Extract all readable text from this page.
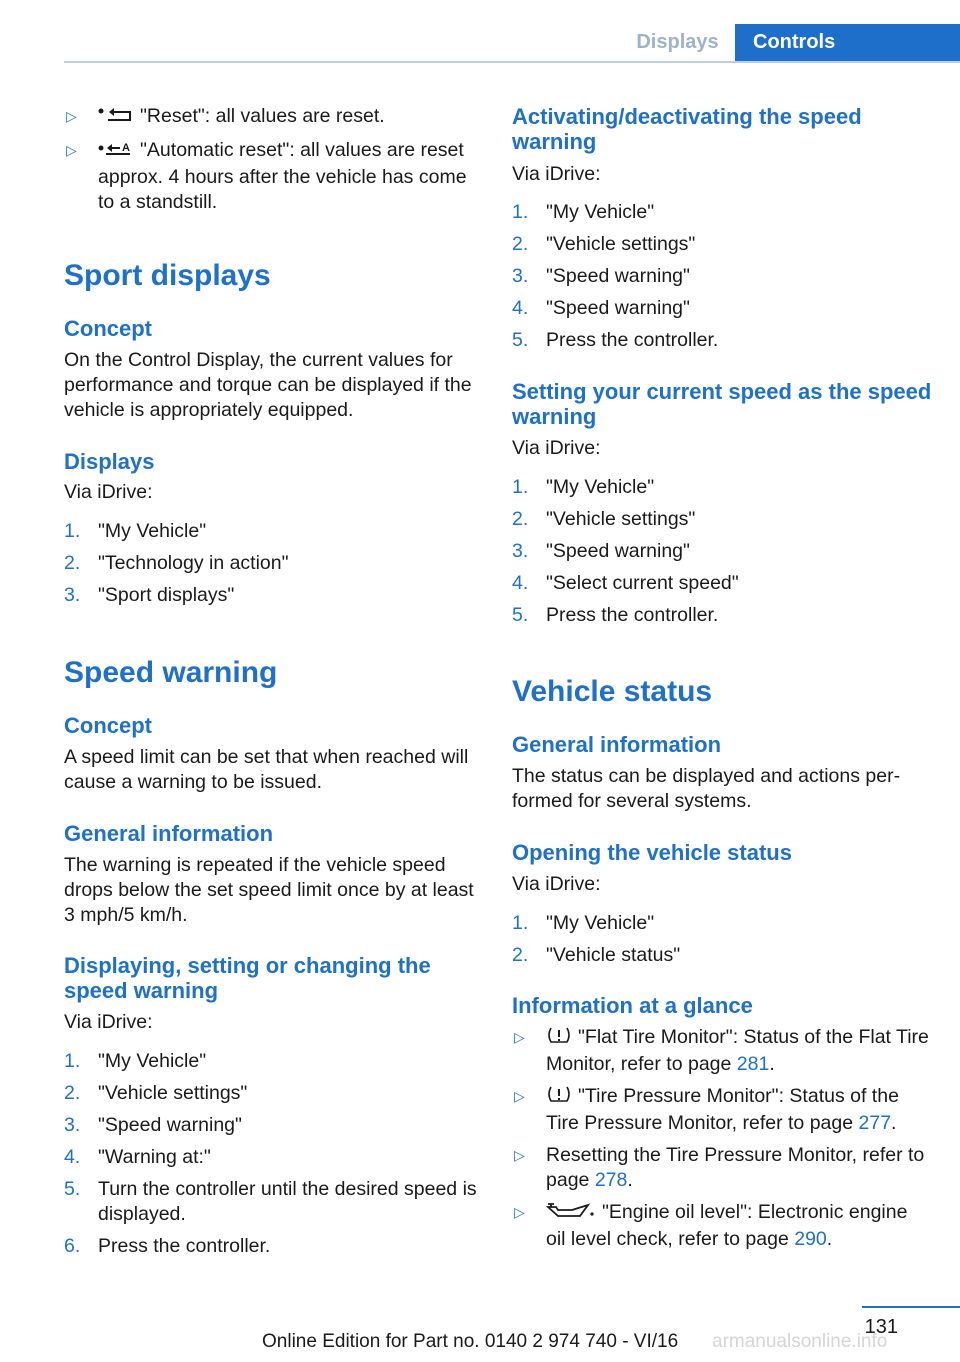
Displays	Controls
▷	"Reset": all values are reset.
▷	A "Automatic reset": all values are reset approx. 4 hours after the vehicle has come to a standstill.
Sport displays
Concept

On the Control Display, the current values for performance and torque can be displayed if the vehicle is appropriately equipped.

Displays

Via iDrive:

1. "My Vehicle"
2. "Technology in action"
3. "Sport displays"
Speed warning
Concept

A speed limit can be set that when reached will cause a warning to be issued.

General information

The warning is repeated if the vehicle speed drops below the set speed limit once by at least 3 mph/5 km/h.

Displaying, setting or changing the speed warning

Via iDrive:

1. "My Vehicle"
2. "Vehicle settings"
3. "Speed warning"
4. "Warning at:"
5. Turn the controller until the desired speed is displayed.
6. Press the controller.
Activating/deactivating the speed warning

Via iDrive:

1. "My Vehicle"
2. "Vehicle settings"
3. "Speed warning"
4. "Speed warning"
5. Press the controller.
Setting your current speed as the speed warning

Via iDrive:

1. "My Vehicle"
2. "Vehicle settings"
3. "Speed warning"
4. "Select current speed"
5. Press the controller.
Vehicle status
General information

The status can be displayed and actions per-formed for several systems.

Opening the vehicle status

Via iDrive:

1. "My Vehicle"
2. "Vehicle status"
Information at a glance
▷	"Flat Tire Monitor": Status of the Flat Tire Monitor, refer to page 281.
▷	"Tire Pressure Monitor": Status of the Tire Pressure Monitor, refer to page 277.
▷ Resetting the Tire Pressure Monitor, refer to page 278.
▷	"Engine oil level": Electronic engine oil level check, refer to page 290.
131
Online Edition for Part no. 0140 2 974 740 - VI/16 armanualsonline.info
